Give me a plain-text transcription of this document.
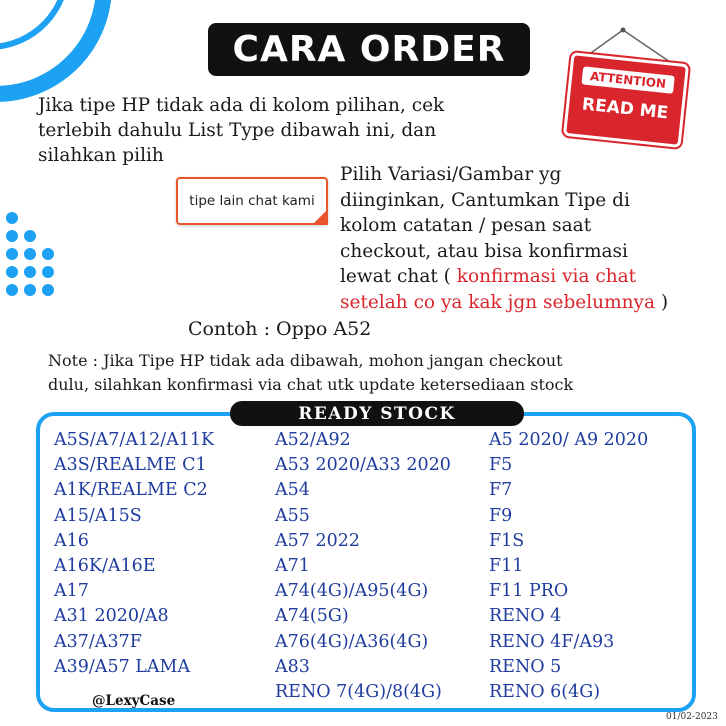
CARA ORDER
ATTENTION
READ ME
Jika tipe HP tidak ada di kolom pilihan, cek
terlebih dahulu List Type dibawah ini, dan
silahkan pilih
tipe lain chat kami
Pilih Variasi/Gambar yg
diinginkan, Cantumkan Tipe di
kolom catatan / pesan saat
checkout, atau bisa konfirmasi
lewat chat ( konfirmasi via chat
setelah co ya kak jgn sebelumnya )
Contoh : Oppo A52
Note : Jika Tipe HP tidak ada dibawah, mohon jangan checkout
dulu, silahkan konfirmasi via chat utk update ketersediaan stock
READY STOCK
A5S/A7/A12/A11K
A3S/REALME C1
A1K/REALME C2
A15/A15S
A16
A16K/A16E
A17
A31 2020/A8
A37/A37F
A39/A57 LAMA
A52/A92
A53 2020/A33 2020
A54
A55
A57 2022
A71
A74(4G)/A95(4G)
A74(5G)
A76(4G)/A36(4G)
A83
RENO 7(4G)/8(4G)
A5 2020/ A9 2020
F5
F7
F9
F1S
F11
F11 PRO
RENO 4
RENO 4F/A93
RENO 5
RENO 6(4G)
@LexyCase
01/02-2023
